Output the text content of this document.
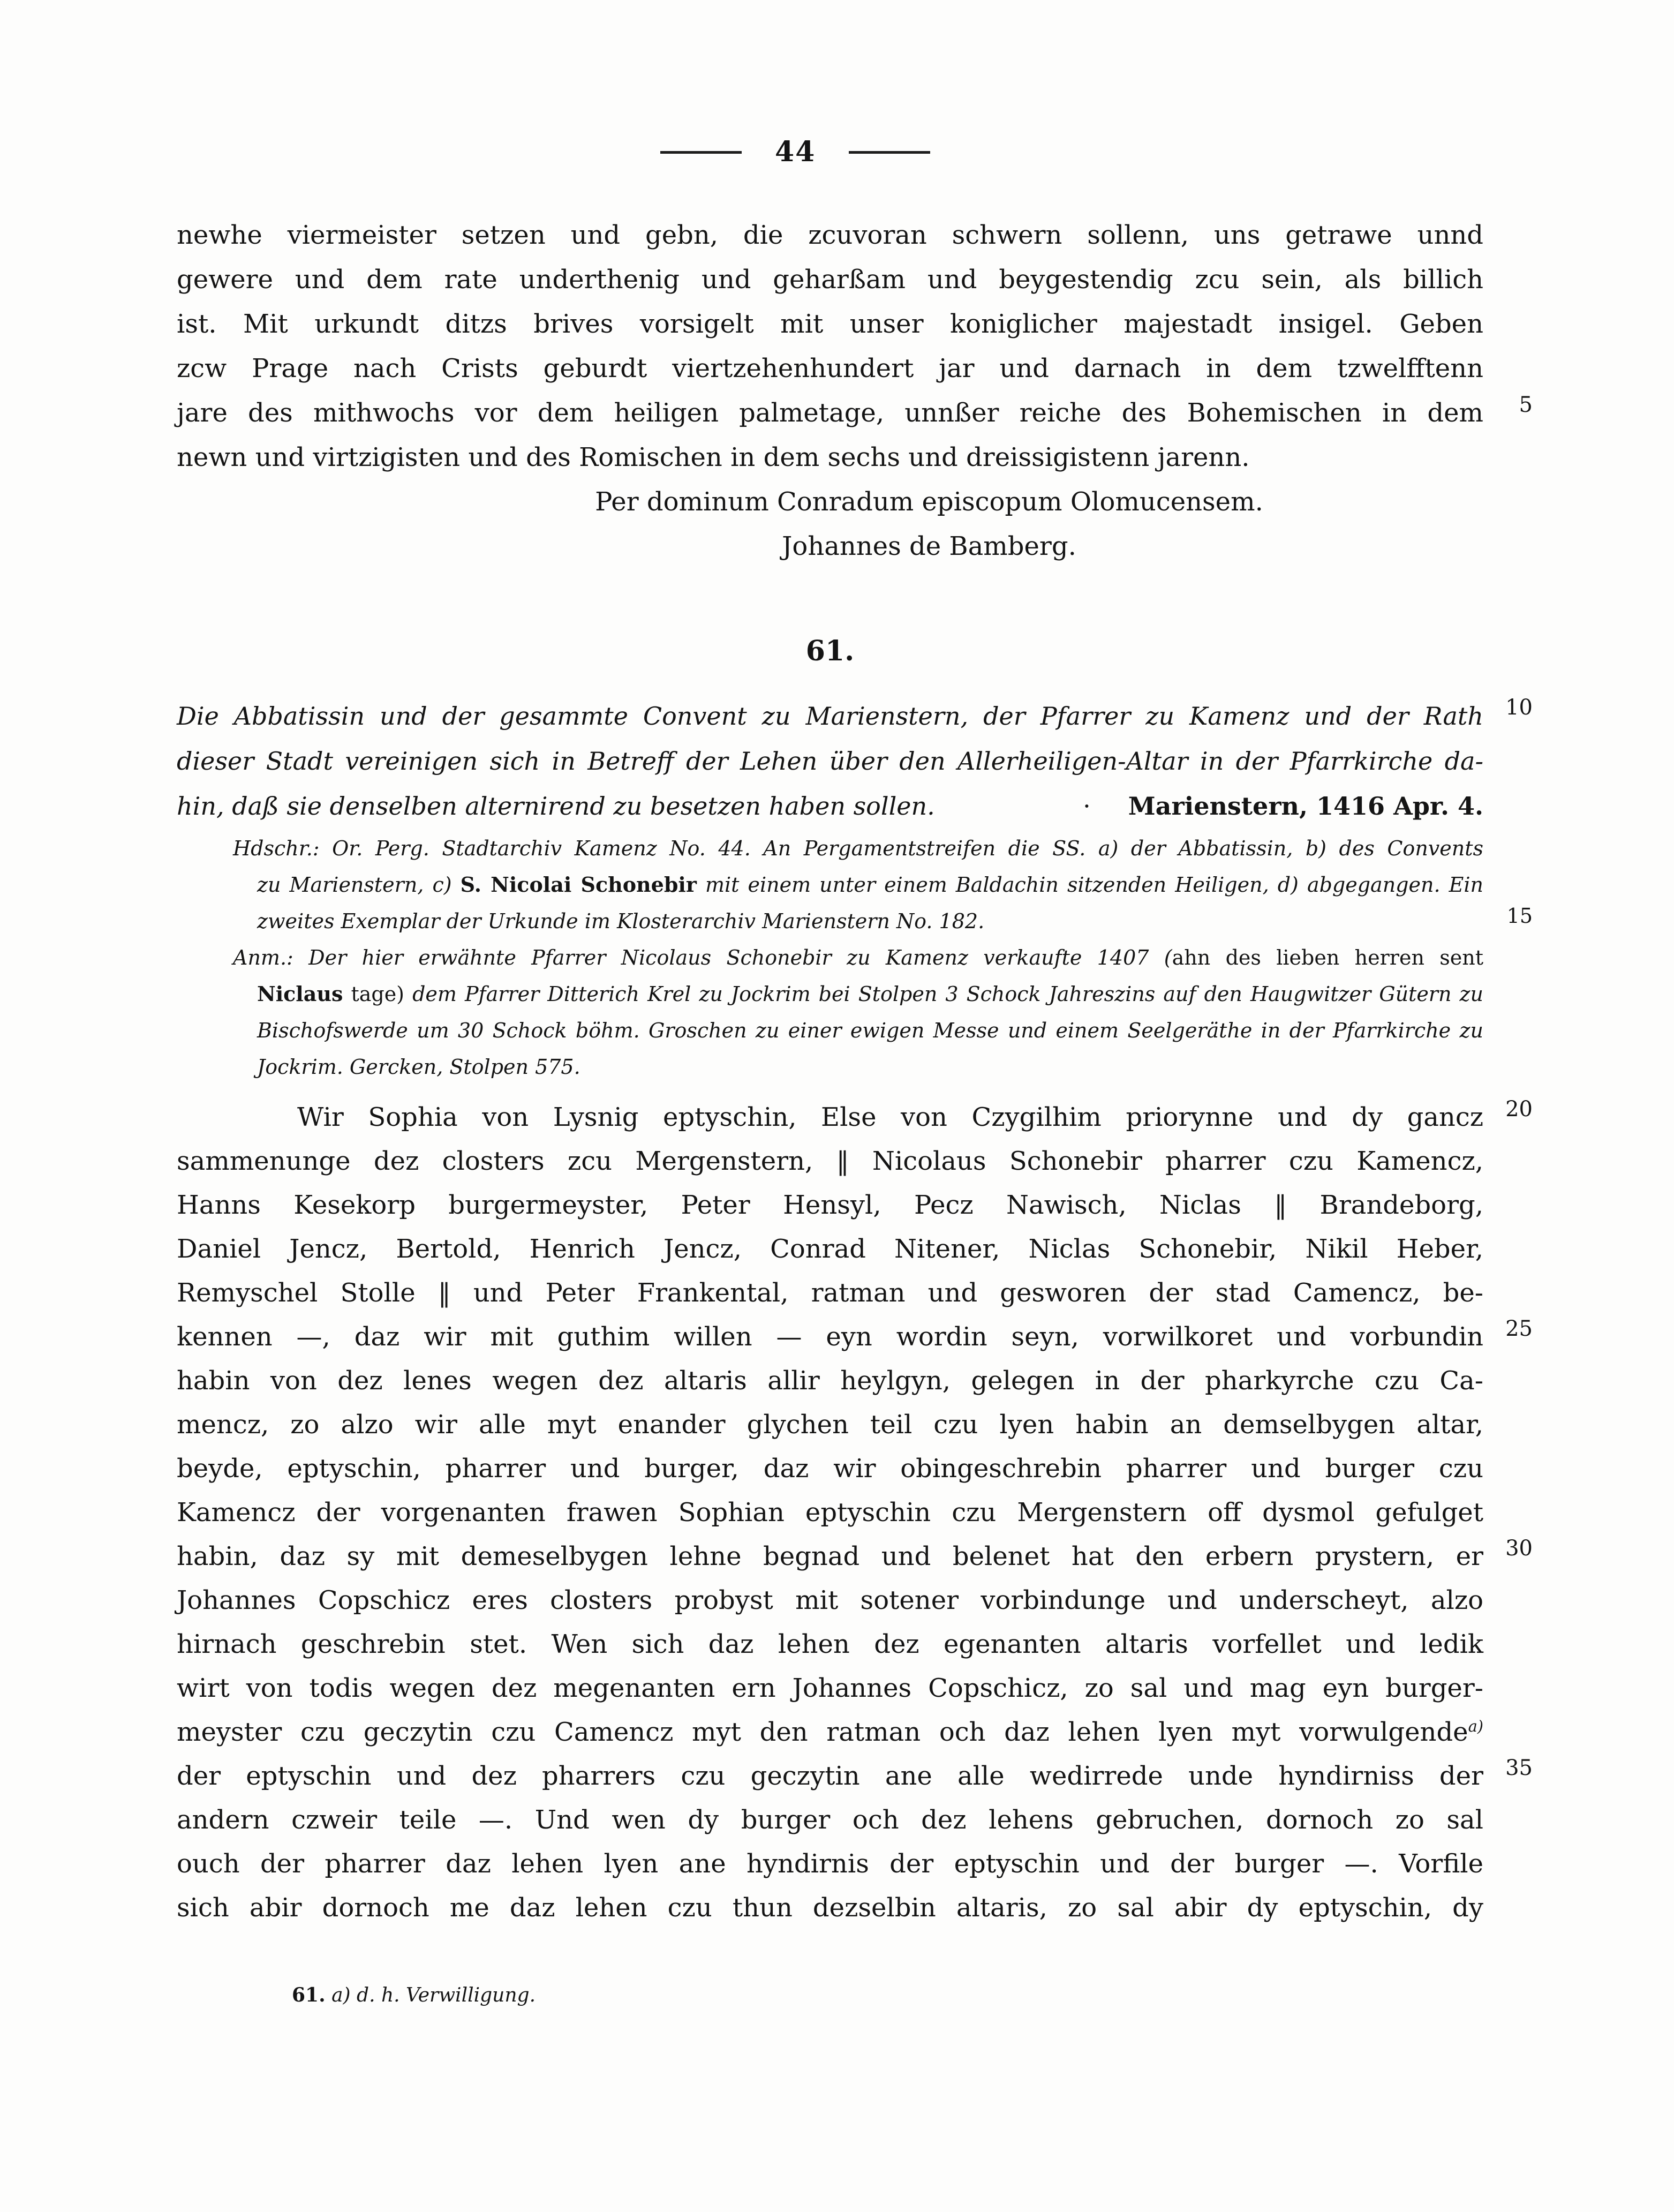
44
newhe viermeister setzen und gebn, die zcuvoran schwern sollenn, uns getrawe unnd
gewere und dem rate underthenig und geharßam und beygestendig zcu sein, als billich
ist. Mit urkundt ditzs brives vorsigelt mit unser koniglicher majestadt insigel. Geben
zcw Prage nach Crists geburdt viertzehenhundert jar und darnach in dem tzwelfftenn
jare des mithwochs vor dem heiligen palmetage, unnßer reiche des Bohemischen in dem 5
newn und virtzigisten und des Romischen in dem sechs und dreissigistenn jarenn.
Per dominum Conradum episcopum Olomucensem.
Johannes de Bamberg.
61.
Die Abbatissin und der gesammte Convent zu Marienstern, der Pfarrer zu Kamenz und der Rath 10
dieser Stadt vereinigen sich in Betreff der Lehen über den Allerheiligen-Altar in der Pfarrkirche da-
hin, daß sie denselben alternirend zu besetzen haben sollen.	· Marienstern, 1416 Apr. 4.
Hdschr.: Or. Perg. Stadtarchiv Kamenz No. 44. An Pergamentstreifen die SS. a) der Abbatissin, b) des Convents
zu Marienstern, c) S. Nicolai Schonebir mit einem unter einem Baldachin sitzenden Heiligen, d) abgegangen. Ein
zweites Exemplar der Urkunde im Klosterarchiv Marienstern No. 182.	15
Anm.: Der hier erwähnte Pfarrer Nicolaus Schonebir zu Kamenz verkaufte 1407 (ahn des lieben herren sent
Niclaus tage) dem Pfarrer Ditterich Krel zu Jockrim bei Stolpen 3 Schock Jahreszins auf den Haugwitzer Gütern zu
Bischofswerde um 30 Schock böhm. Groschen zu einer ewigen Messe und einem Seelgeräthe in der Pfarrkirche zu
Jockrim. Gercken, Stolpen 575.
Wir Sophia von Lysnig eptyschin, Else von Czygilhim priorynne und dy gancz	20
sammenunge dez closters zcu Mergenstern, ‖ Nicolaus Schonebir pharrer czu Kamencz,
Hanns Kesekorp burgermeyster, Peter Hensyl, Pecz Nawisch, Niclas ‖ Brandeborg,
Daniel Jencz, Bertold, Henrich Jencz, Conrad Nitener, Niclas Schonebir, Nikil Heber,
Remyschel Stolle ‖ und Peter Frankental, ratman und gesworen der stad Camencz, be-
kennen —, daz wir mit guthim willen — eyn wordin seyn, vorwilkoret und vorbundin 25
habin von dez lenes wegen dez altaris allir heylgyn, gelegen in der pharkyrche czu Ca-
mencz, zo alzo wir alle myt enander glychen teil czu lyen habin an demselbygen altar,
beyde, eptyschin, pharrer und burger, daz wir obingeschrebin pharrer und burger czu
Kamencz der vorgenanten frawen Sophian eptyschin czu Mergenstern off dysmol gefulget
habin, daz sy mit demeselbygen lehne begnad und belenet hat den erbern prystern, er 30
Johannes Copschicz eres closters probyst mit sotener vorbindunge und underscheyt, alzo
hirnach geschrebin stet. Wen sich daz lehen dez egenanten altaris vorfellet und ledik
wirt von todis wegen dez megenanten ern Johannes Copschicz, zo sal und mag eyn burger-
meyster czu geczytin czu Camencz myt den ratman och daz lehen lyen myt vorwulgende$^{a)}$
der eptyschin und dez pharrers czu geczytin ane alle wedirrede unde hyndirniss der 35
andern czweir teile —. Und wen dy burger och dez lehens gebruchen, dornoch zo sal
ouch der pharrer daz lehen lyen ane hyndirnis der eptyschin und der burger —. Vorfile
sich abir dornoch me daz lehen czu thun dezselbin altaris, zo sal abir dy eptyschin, dy
61. a) d. h. Verwilligung.
